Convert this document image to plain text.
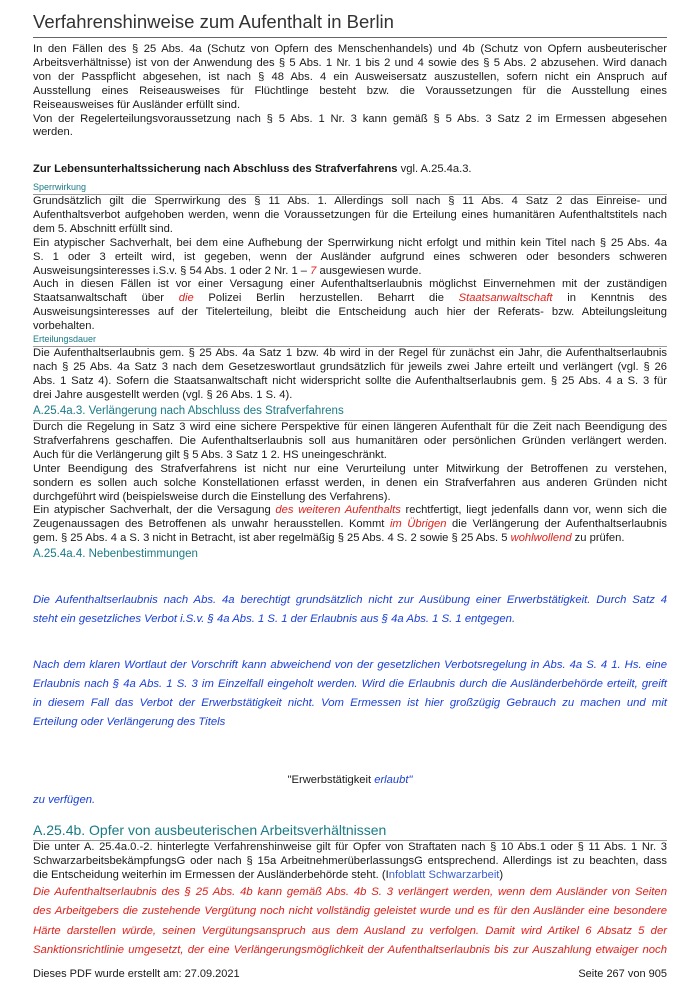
Verfahrenshinweise zum Aufenthalt in Berlin
In den Fällen des § 25 Abs. 4a (Schutz von Opfern des Menschenhandels) und 4b (Schutz von Opfern ausbeuterischer
Arbeitsverhältnisse) ist von der Anwendung des § 5 Abs. 1 Nr. 1 bis 2 und 4 sowie des § 5 Abs. 2 abzusehen. Wird danach
von der Passpflicht abgesehen, ist nach § 48 Abs. 4 ein Ausweisersatz auszustellen, sofern nicht ein Anspruch auf
Ausstellung eines Reiseausweises für Flüchtlinge besteht bzw. die Voraussetzungen für die Ausstellung eines
Reiseausweises für Ausländer erfüllt sind.
Von der Regelerteilungsvoraussetzung nach § 5 Abs. 1 Nr. 3 kann gemäß § 5 Abs. 3 Satz 2 im Ermessen abgesehen
werden.
Zur Lebensunterhaltssicherung nach Abschluss des Strafverfahrens vgl. A.25.4a.3.
Sperrwirkung
Grundsätzlich gilt die Sperrwirkung des § 11 Abs. 1. Allerdings soll nach § 11 Abs. 4 Satz 2 das Einreise- und
Aufenthaltsverbot aufgehoben werden, wenn die Voraussetzungen für die Erteilung eines humanitären Aufenthaltstitels nach
dem 5. Abschnitt erfüllt sind.
Ein atypischer Sachverhalt, bei dem eine Aufhebung der Sperrwirkung nicht erfolgt und mithin kein Titel nach § 25 Abs. 4a
S. 1 oder 3 erteilt wird, ist gegeben, wenn der Ausländer aufgrund eines schweren oder besonders schweren
Ausweisungsinteresses i.S.v. § 54 Abs. 1 oder 2 Nr. 1 – 7 ausgewiesen wurde.
Auch in diesen Fällen ist vor einer Versagung einer Aufenthaltserlaubnis möglichst Einvernehmen mit der zuständigen
Staatsanwaltschaft über die Polizei Berlin herzustellen. Beharrt die Staatsanwaltschaft in Kenntnis des
Ausweisungsinteresses auf der Titelerteilung, bleibt die Entscheidung auch hier der Referats- bzw. Abteilungsleitung
vorbehalten.
Erteilungsdauer
Die Aufenthaltserlaubnis gem. § 25 Abs. 4a Satz 1 bzw. 4b wird in der Regel für zunächst ein Jahr, die Aufenthaltserlaubnis
nach § 25 Abs. 4a Satz 3 nach dem Gesetzeswortlaut grundsätzlich für jeweils zwei Jahre erteilt und verlängert (vgl. § 26
Abs. 1 Satz 4). Sofern die Staatsanwaltschaft nicht widerspricht sollte die Aufenthaltserlaubnis gem. § 25 Abs. 4 a S. 3 für
drei Jahre ausgestellt werden (vgl. § 26 Abs. 1 S. 4).
A.25.4a.3. Verlängerung nach Abschluss des Strafverfahrens
Durch die Regelung in Satz 3 wird eine sichere Perspektive für einen längeren Aufenthalt für die Zeit nach Beendigung des
Strafverfahrens geschaffen. Die Aufenthaltserlaubnis soll aus humanitären oder persönlichen Gründen verlängert werden.
Auch für die Verlängerung gilt § 5 Abs. 3 Satz 1 2. HS uneingeschränkt.
Unter Beendigung des Strafverfahrens ist nicht nur eine Verurteilung unter Mitwirkung der Betroffenen zu verstehen,
sondern es sollen auch solche Konstellationen erfasst werden, in denen ein Strafverfahren aus anderen Gründen nicht
durchgeführt wird (beispielsweise durch die Einstellung des Verfahrens).
Ein atypischer Sachverhalt, der die Versagung des weiteren Aufenthalts rechtfertigt, liegt jedenfalls dann vor, wenn sich die
Zeugenaussagen des Betroffenen als unwahr herausstellen. Kommt im Übrigen die Verlängerung der Aufenthaltserlaubnis
gem. § 25 Abs. 4 a S. 3 nicht in Betracht, ist aber regelmäßig § 25 Abs. 4 S. 2 sowie § 25 Abs. 5 wohlwollend zu prüfen.
A.25.4a.4. Nebenbestimmungen
Die Aufenthaltserlaubnis nach Abs. 4a berechtigt grundsätzlich nicht zur Ausübung einer Erwerbstätigkeit. Durch Satz 4
steht ein gesetzliches Verbot i.S.v. § 4a Abs. 1 S. 1 der Erlaubnis aus § 4a Abs. 1 S. 1 entgegen.
Nach dem klaren Wortlaut der Vorschrift kann abweichend von der gesetzlichen Verbotsregelung in Abs. 4a S. 4 1. Hs. eine
Erlaubnis nach § 4a Abs. 1 S. 3 im Einzelfall eingeholt werden. Wird die Erlaubnis durch die Ausländerbehörde erteilt, greift
in diesem Fall das Verbot der Erwerbstätigkeit nicht. Vom Ermessen ist hier großzügig Gebrauch zu machen und mit
Erteilung oder Verlängerung des Titels
"Erwerbstätigkeit erlaubt"
zu verfügen.
A.25.4b. Opfer von ausbeuterischen Arbeitsverhältnissen
Die unter A. 25.4a.0.-2. hinterlegte Verfahrenshinweise gilt für Opfer von Straftaten nach § 10 Abs.1 oder § 11 Abs. 1 Nr. 3
SchwarzarbeitsbekämpfungsG oder nach § 15a ArbeitnehmerüberlassungsG entsprechend. Allerdings ist zu beachten, dass
die Entscheidung weiterhin im Ermessen der Ausländerbehörde steht. (Infoblatt Schwarzarbeit)
Die Aufenthaltserlaubnis des § 25 Abs. 4b kann gemäß Abs. 4b S. 3 verlängert werden, wenn dem Ausländer von Seiten
des Arbeitgebers die zustehende Vergütung noch nicht vollständig geleistet wurde und es für den Ausländer eine besondere
Härte darstellen würde, seinen Vergütungsanspruch aus dem Ausland zu verfolgen. Damit wird Artikel 6 Absatz 5 der
Sanktionsrichtlinie umgesetzt, der eine Verlängerungsmöglichkeit der Aufenthaltserlaubnis bis zur Auszahlung etwaiger noch
Dieses PDF wurde erstellt am: 27.09.2021	Seite 267 von 905
